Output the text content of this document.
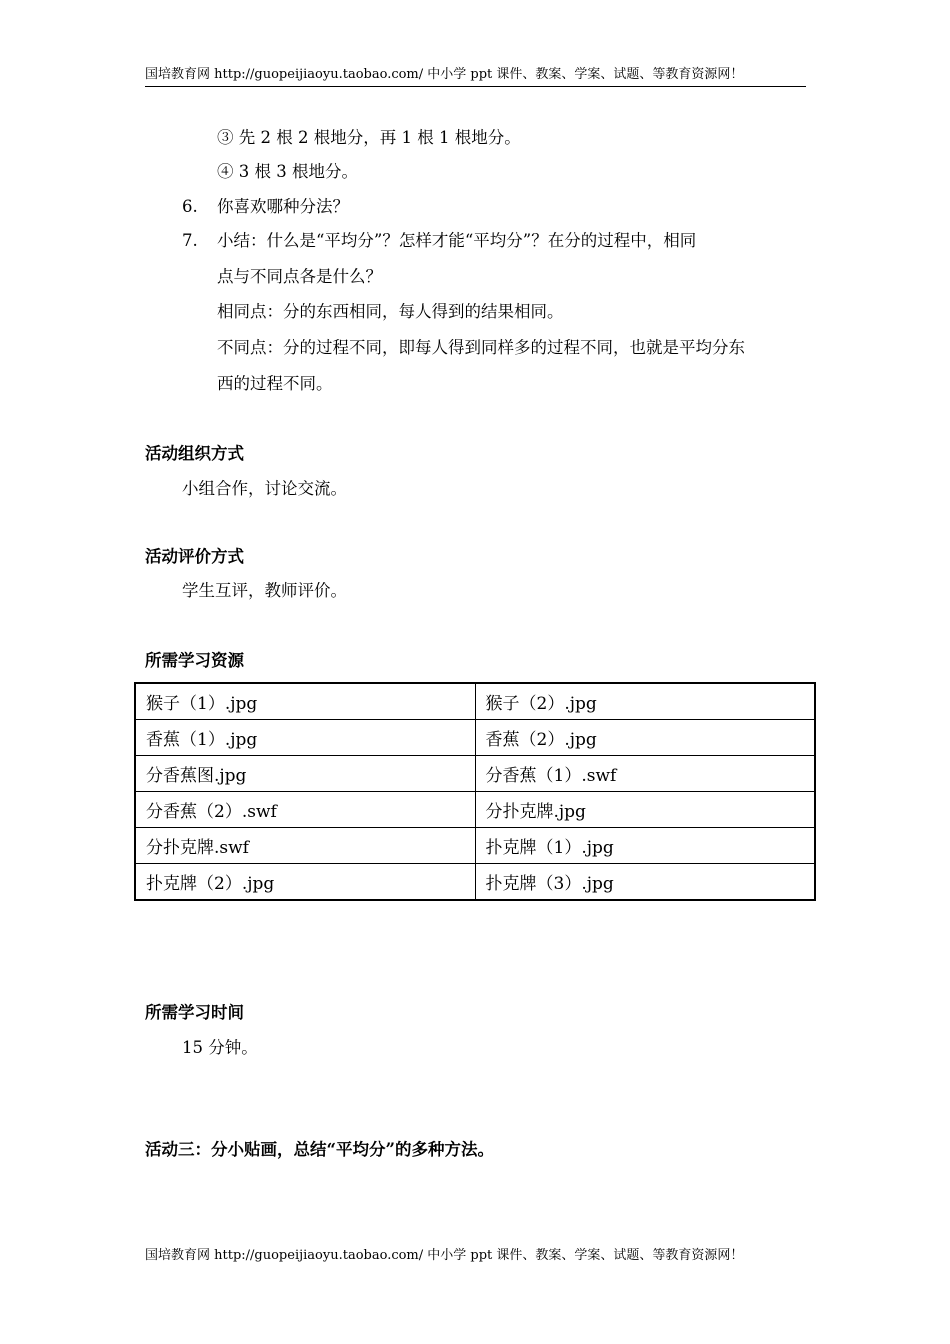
国培教育网 http://guopeijiaoyu.taobao.com/ 中小学 ppt 课件、教案、学案、试题、等教育资源网！
③ 先 2 根 2 根地分，再 1 根 1 根地分。
④ 3 根 3 根地分。
6. 你喜欢哪种分法？
7. 小结：什么是“平均分”？怎样才能“平均分”？在分的过程中，相同
点与不同点各是什么？
相同点：分的东西相同，每人得到的结果相同。
不同点：分的过程不同，即每人得到同样多的过程不同，也就是平均分东
西的过程不同。
活动组织方式
小组合作，讨论交流。
活动评价方式
学生互评，教师评价。
所需学习资源
猴子（1）.jpg	猴子（2）.jpg
香蕉（1）.jpg	香蕉（2）.jpg
分香蕉图.jpg	分香蕉（1）.swf
分香蕉（2）.swf	分扑克牌.jpg
分扑克牌.swf	扑克牌（1）.jpg
扑克牌（2）.jpg	扑克牌（3）.jpg
所需学习时间
15 分钟。
活动三：分小贴画，总结“平均分”的多种方法。
国培教育网 http://guopeijiaoyu.taobao.com/ 中小学 ppt 课件、教案、学案、试题、等教育资源网！
